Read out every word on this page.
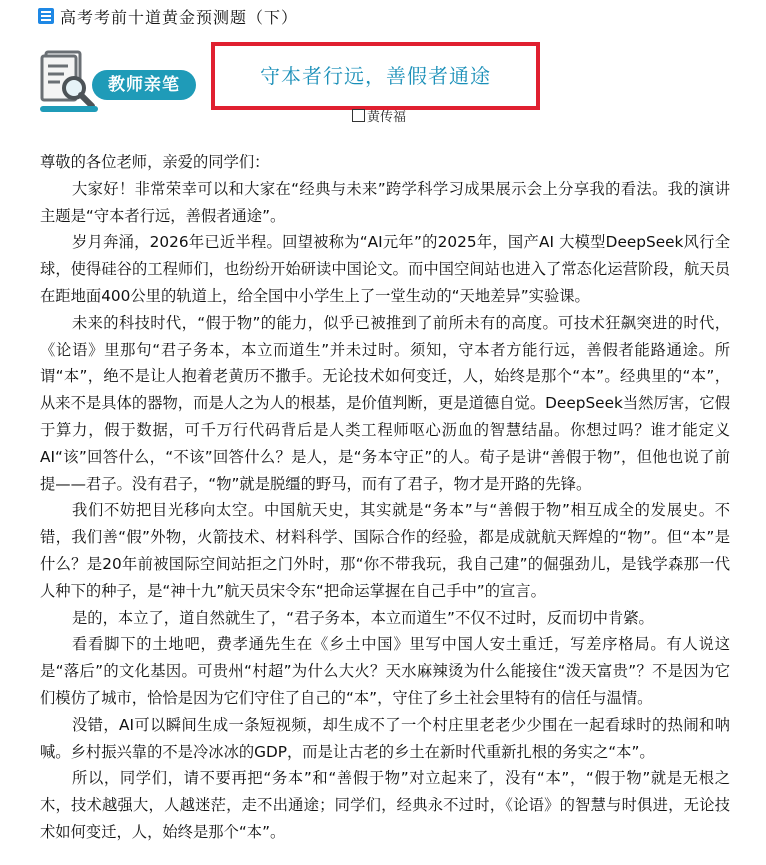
高考考前十道黄金预测题（下）
教师亲笔	守本者行远，善假者通途
黄传福

尊敬的各位老师，亲爱的同学们：

大家好！非常荣幸可以和大家在“经典与未来”跨学科学习成果展示会上分享我的看法。我的演讲主题是“守本者行远，善假者通途”。

岁月奔涌，2026年已近半程。回望被称为“AI元年”的2025年，国产AI 大模型DeepSeek风行全球，使得硅谷的工程师们，也纷纷开始研读中国论文。而中国空间站也进入了常态化运营阶段，航天员在距地面400公里的轨道上，给全国中小学生上了一堂生动的“天地差异”实验课。

未来的科技时代，“假于物”的能力，似乎已被推到了前所未有的高度。可技术狂飙突进的时代，《论语》里那句“君子务本，本立而道生”并未过时。须知，守本者方能行远，善假者能路通途。所谓“本”，绝不是让人抱着老黄历不撒手。无论技术如何变迁，人，始终是那个“本”。经典里的“本”，从来不是具体的器物，而是人之为人的根基，是价值判断，更是道德自觉。DeepSeek当然厉害，它假于算力，假于数据，可千万行代码背后是人类工程师呕心沥血的智慧结晶。你想过吗？谁才能定义AI“该”回答什么，“不该”回答什么？是人，是“务本守正”的人。荀子是讲“善假于物”，但他也说了前提——君子。没有君子，“物”就是脱缰的野马，而有了君子，物才是开路的先锋。

我们不妨把目光移向太空。中国航天史，其实就是“务本”与“善假于物”相互成全的发展史。不错，我们善“假”外物，火箭技术、材料科学、国际合作的经验，都是成就航天辉煌的“物”。但“本”是什么？是20年前被国际空间站拒之门外时，那“你不带我玩，我自己建”的倔强劲儿，是钱学森那一代人种下的种子，是“神十九”航天员宋令东“把命运掌握在自己手中”的宣言。

是的，本立了，道自然就生了，“君子务本，本立而道生”不仅不过时，反而切中肯綮。

看看脚下的土地吧，费孝通先生在《乡土中国》里写中国人安土重迁，写差序格局。有人说这是“落后”的文化基因。可贵州“村超”为什么大火？天水麻辣烫为什么能接住“泼天富贵”？不是因为它们模仿了城市，恰恰是因为它们守住了自己的“本”，守住了乡土社会里特有的信任与温情。

没错，AI可以瞬间生成一条短视频，却生成不了一个村庄里老老少少围在一起看球时的热闹和呐喊。乡村振兴靠的不是冷冰冰的GDP，而是让古老的乡土在新时代重新扎根的务实之“本”。

所以，同学们，请不要再把“务本”和“善假于物”对立起来了，没有“本”，“假于物”就是无根之木，技术越强大，人越迷茫，走不出通途；同学们，经典永不过时，《论语》的智慧与时俱进，无论技术如何变迁，人，始终是那个“本”。
